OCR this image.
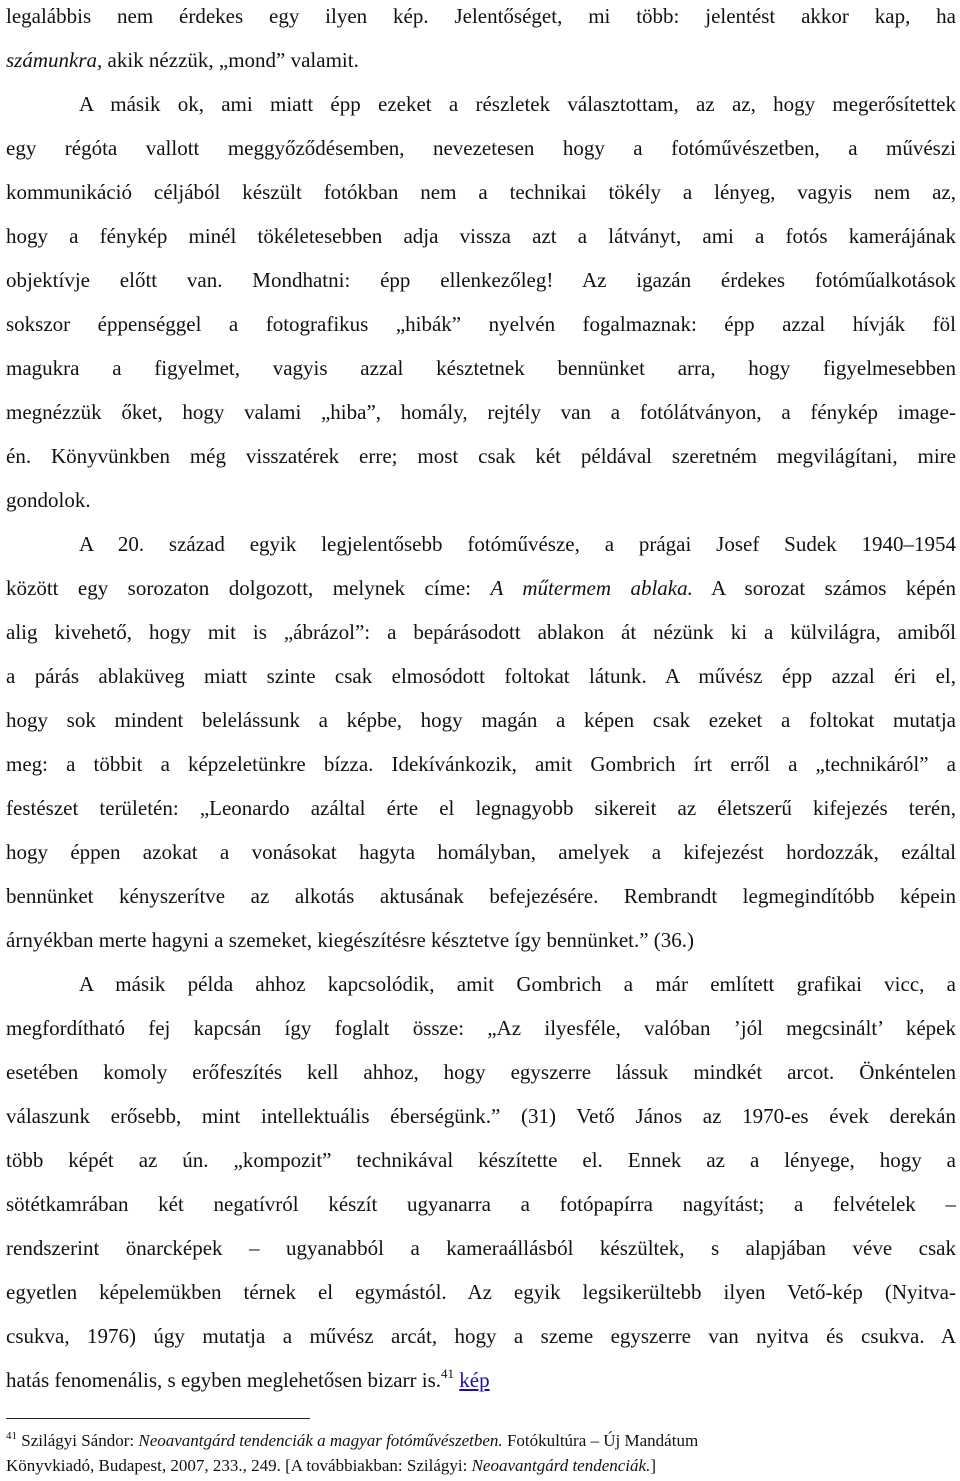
legalábbis nem érdekes egy ilyen kép. Jelentőséget, mi több: jelentést akkor kap, ha
számunkra, akik nézzük, „mond” valamit.
A másik ok, ami miatt épp ezeket a részletek választottam, az az, hogy megerősítettek
egy régóta vallott meggyőződésemben, nevezetesen hogy a fotóművészetben, a művészi
kommunikáció céljából készült fotókban nem a technikai tökély a lényeg, vagyis nem az,
hogy a fénykép minél tökéletesebben adja vissza azt a látványt, ami a fotós kamerájának
objektívje előtt van. Mondhatni: épp ellenkezőleg! Az igazán érdekes fotóműalkotások
sokszor éppenséggel a fotografikus „hibák” nyelvén fogalmaznak: épp azzal hívják föl
magukra a figyelmet, vagyis azzal késztetnek bennünket arra, hogy figyelmesebben
megnézzük őket, hogy valami „hiba”, homály, rejtély van a fotólátványon, a fénykép image-
én. Könyvünkben még visszatérek erre; most csak két példával szeretném megvilágítani, mire
gondolok.
A 20. század egyik legjelentősebb fotóművésze, a prágai Josef Sudek 1940–1954
között egy sorozaton dolgozott, melynek címe: A műtermem ablaka. A sorozat számos képén
alig kivehető, hogy mit is „ábrázol”: a bepárásodott ablakon át nézünk ki a külvilágra, amiből
a párás ablaküveg miatt szinte csak elmosódott foltokat látunk. A művész épp azzal éri el,
hogy sok mindent belelássunk a képbe, hogy magán a képen csak ezeket a foltokat mutatja
meg: a többit a képzeletünkre bízza. Idekívánkozik, amit Gombrich írt erről a „technikáról” a
festészet területén: „Leonardo azáltal érte el legnagyobb sikereit az életszerű kifejezés terén,
hogy éppen azokat a vonásokat hagyta homályban, amelyek a kifejezést hordozzák, ezáltal
bennünket kényszerítve az alkotás aktusának befejezésére. Rembrandt legmegindítóbb képein
árnyékban merte hagyni a szemeket, kiegészítésre késztetve így bennünket.” (36.)
A másik példa ahhoz kapcsolódik, amit Gombrich a már említett grafikai vicc, a
megfordítható fej kapcsán így foglalt össze: „Az ilyesféle, valóban ’jól megcsinált’ képek
esetében komoly erőfeszítés kell ahhoz, hogy egyszerre lássuk mindkét arcot. Önkéntelen
válaszunk erősebb, mint intellektuális éberségünk.” (31) Vető János az 1970-es évek derekán
több képét az ún. „kompozit” technikával készítette el. Ennek az a lényege, hogy a
sötétkamrában két negatívról készít ugyanarra a fotópapírra nagyítást; a felvételek –
rendszerint önarcképek – ugyanabból a kameraállásból készültek, s alapjában véve csak
egyetlen képelemükben térnek el egymástól. Az egyik legsikerültebb ilyen Vető-kép (Nyitva-
csukva, 1976) úgy mutatja a művész arcát, hogy a szeme egyszerre van nyitva és csukva. A
hatás fenomenális, s egyben meglehetősen bizarr is.$^{41}$ kép
$^{41}$ Szilágyi Sándor: Neoavantgárd tendenciák a magyar fotóművészetben. Fotókultúra – Új Mandátum
Könyvkiadó, Budapest, 2007, 233., 249. [A továbbiakban: Szilágyi: Neoavantgárd tendenciák.]
